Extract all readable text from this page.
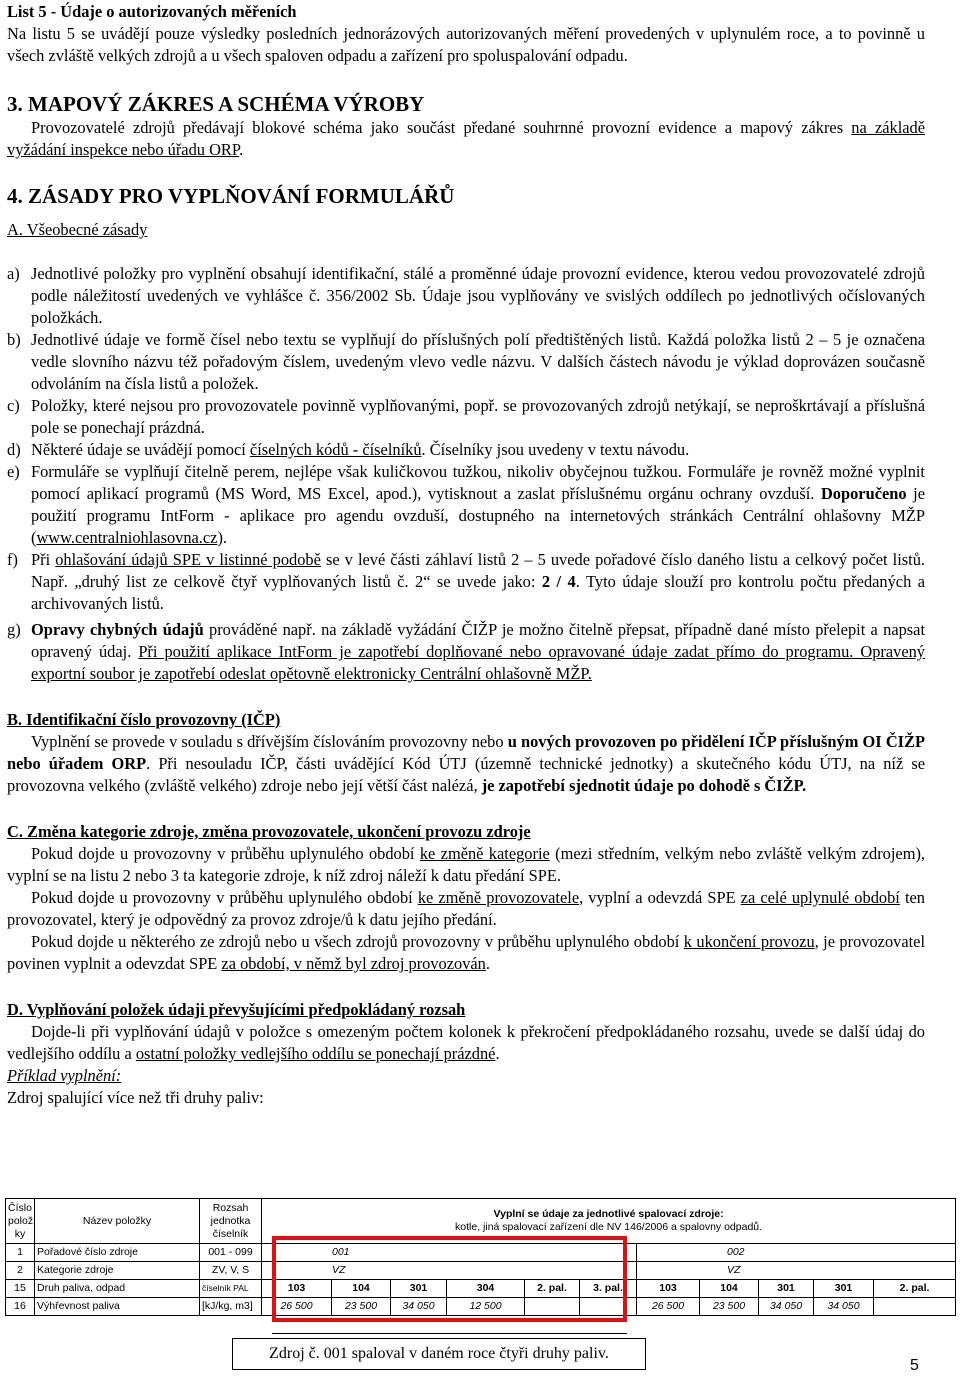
List 5 - Údaje o autorizovaných měřeních

Na listu 5 se uvádějí pouze výsledky posledních jednorázových autorizovaných měření provedených v uplynulém roce, a to povinně u všech zvláště velkých zdrojů a u všech spaloven odpadu a zařízení pro spoluspalování odpadu.

3. MAPOVÝ ZÁKRES A SCHÉMA VÝROBY

Provozovatelé zdrojů předávají blokové schéma jako součást předané souhrnné provozní evidence a mapový zákres na základě vyžádání inspekce nebo úřadu ORP.

4. ZÁSADY PRO VYPLŇOVÁNÍ FORMULÁŘŮ

A. Všeobecné zásady

a) Jednotlivé položky pro vyplnění obsahují identifikační, stálé a proměnné údaje provozní evidence, kterou vedou provozovatelé zdrojů podle náležitostí uvedených ve vyhlášce č. 356/2002 Sb. Údaje jsou vyplňovány ve svislých oddílech po jednotlivých očíslovaných položkách.
b) Jednotlivé údaje ve formě čísel nebo textu se vyplňují do příslušných polí předtištěných listů. Každá položka listů 2 – 5 je označena vedle slovního názvu též pořadovým číslem, uvedeným vlevo vedle názvu. V dalších částech návodu je výklad doprovázen současně odvoláním na čísla listů a položek.
c) Položky, které nejsou pro provozovatele povinně vyplňovanými, popř. se provozovaných zdrojů netýkají, se neproškrtávají a příslušná pole se ponechají prázdná.
d) Některé údaje se uvádějí pomocí číselných kódů - číselníků. Číselníky jsou uvedeny v textu návodu.
e) Formuláře se vyplňují čitelně perem, nejlépe však kuličkovou tužkou, nikoliv obyčejnou tužkou. Formuláře je rovněž možné vyplnit pomocí aplikací programů (MS Word, MS Excel, apod.), vytisknout a zaslat příslušnému orgánu ochrany ovzduší. Doporučeno je použití programu IntForm - aplikace pro agendu ovzduší, dostupného na internetových stránkách Centrální ohlašovny MŽP (www.centralniohlasovna.cz).
f) Při ohlašování údajů SPE v listinné podobě se v levé části záhlaví listů 2 – 5 uvede pořadové číslo daného listu a celkový počet listů. Např. „druhý list ze celkově čtyř vyplňovaných listů č. 2“ se uvede jako: 2 / 4. Tyto údaje slouží pro kontrolu počtu předaných a archivovaných listů.
g) Opravy chybných údajů prováděné např. na základě vyžádání ČIŽP je možno čitelně přepsat, případně dané místo přelepit a napsat opravený údaj. Při použití aplikace IntForm je zapotřebí doplňované nebo opravované údaje zadat přímo do programu. Opravený exportní soubor je zapotřebí odeslat opětovně elektronicky Centrální ohlašovně MŽP.

B. Identifikační číslo provozovny (IČP)

Vyplnění se provede v souladu s dřívějším číslováním provozovny nebo u nových provozoven po přidělení IČP příslušným OI ČIŽP nebo úřadem ORP. Při nesouladu IČP, části uvádějící Kód ÚTJ (územně technické jednotky) a skutečného kódu ÚTJ, na níž se provozovna velkého (zvláště velkého) zdroje nebo její větší část nalézá, je zapotřebí sjednotit údaje po dohodě s ČIŽP.

C. Změna kategorie zdroje, změna provozovatele, ukončení provozu zdroje

Pokud dojde u provozovny v průběhu uplynulého období ke změně kategorie (mezi středním, velkým nebo zvláště velkým zdrojem), vyplní se na listu 2 nebo 3 ta kategorie zdroje, k níž zdroj náleží k datu předání SPE.

Pokud dojde u provozovny v průběhu uplynulého období ke změně provozovatele, vyplní a odevzdá SPE za celé uplynulé období ten provozovatel, který je odpovědný za provoz zdroje/ů k datu jejího předání.

Pokud dojde u některého ze zdrojů nebo u všech zdrojů provozovny v průběhu uplynulého období k ukončení provozu, je provozovatel povinen vyplnit a odevzdat SPE za období, v němž byl zdroj provozován.

D. Vyplňování položek údaji převyšujícími předpokládaný rozsah

Dojde-li při vyplňování údajů v položce s omezeným počtem kolonek k překročení předpokládaného rozsahu, uvede se další údaj do vedlejšího oddílu a ostatní položky vedlejšího oddílu se ponechají prázdné.

Příklad vyplnění:

Zdroj spalující více než tři druhy paliv:

Číslo polož ky	Název položky	Rozsah jednotka číselník	Vyplní se údaje za jednotlivé spalovací zdroje:
kotle, jiná spalovací zařízení dle NV 146/2006 a spalovny odpadů.										
1	Pořadové číslo zdroje	001 - 099	001						002				
2	Kategorie zdroje	ZV, V, S	VZ						VZ				
15	Druh paliva, odpad	číselník PAL	103	104	301	304	2. pal.	3. pal.	103	104	301	301	2. pal.
16	Výhřevnost paliva	[kJ/kg, m3]	26 500	23 500	34 050	12 500			26 500	23 500	34 050	34 050	
Zdroj č. 001 spaloval v daném roce čtyři druhy paliv.
5
